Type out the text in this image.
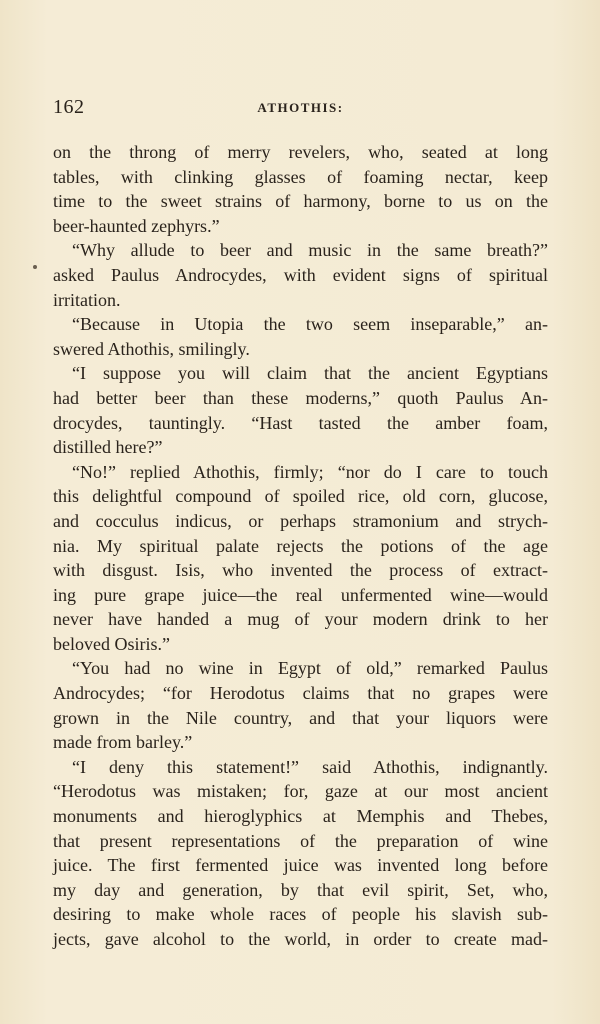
162	ATHOTHIS:
on the throng of merry revelers, who, seated at long
tables, with clinking glasses of foaming nectar, keep
time to the sweet strains of harmony, borne to us on the
beer-haunted zephyrs.”
“Why allude to beer and music in the same breath?”
asked Paulus Androcydes, with evident signs of spiritual
irritation.
“Because in Utopia the two seem inseparable,” an-
swered Athothis, smilingly.
“I suppose you will claim that the ancient Egyptians
had better beer than these moderns,” quoth Paulus An-
drocydes, tauntingly. “Hast tasted the amber foam,
distilled here?”
“No!” replied Athothis, firmly; “nor do I care to touch
this delightful compound of spoiled rice, old corn, glucose,
and cocculus indicus, or perhaps stramonium and strych-
nia. My spiritual palate rejects the potions of the age
with disgust. Isis, who invented the process of extract-
ing pure grape juice—the real unfermented wine—would
never have handed a mug of your modern drink to her
beloved Osiris.”
“You had no wine in Egypt of old,” remarked Paulus
Androcydes; “for Herodotus claims that no grapes were
grown in the Nile country, and that your liquors were
made from barley.”
“I deny this statement!” said Athothis, indignantly.
“Herodotus was mistaken; for, gaze at our most ancient
monuments and hieroglyphics at Memphis and Thebes,
that present representations of the preparation of wine
juice. The first fermented juice was invented long before
my day and generation, by that evil spirit, Set, who,
desiring to make whole races of people his slavish sub-
jects, gave alcohol to the world, in order to create mad-
